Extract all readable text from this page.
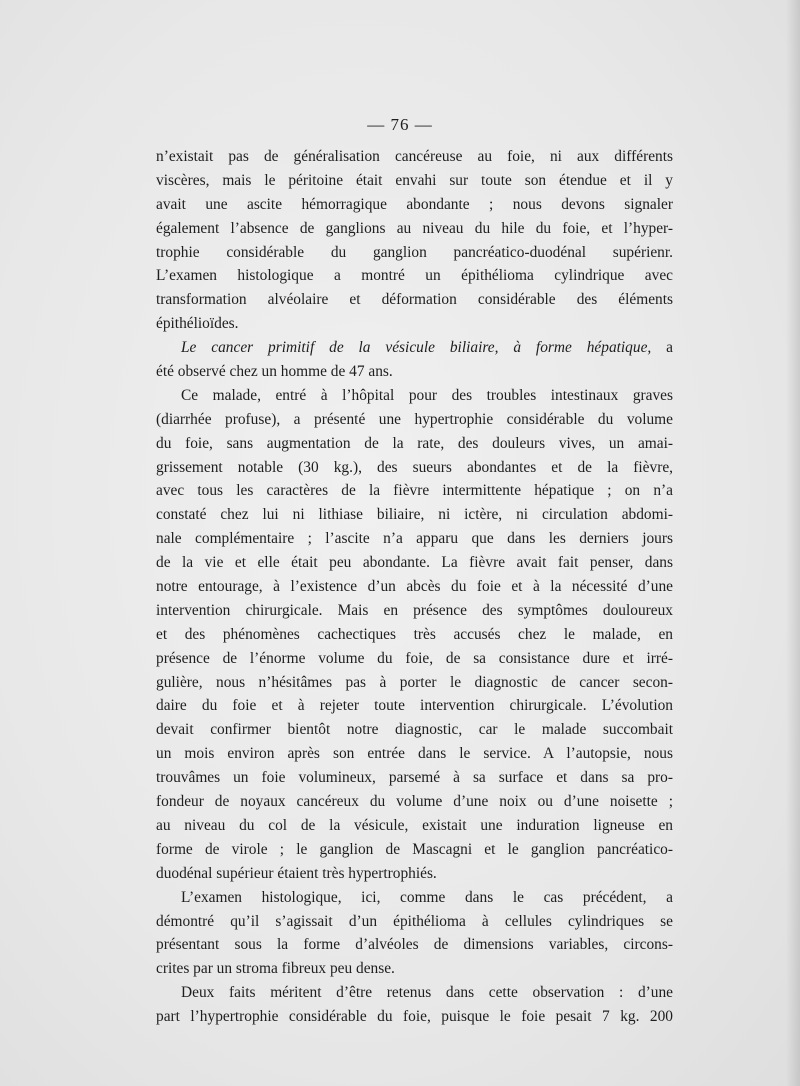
— 76 —
n’existait pas de généralisation cancéreuse au foie, ni aux différents
viscères, mais le péritoine était envahi sur toute son étendue et il y
avait une ascite hémorragique abondante ; nous devons signaler
également l’absence de ganglions au niveau du hile du foie, et l’hyper-
trophie considérable du ganglion pancréatico-duodénal supérienr.
L’examen histologique a montré un épithélioma cylindrique avec
transformation alvéolaire et déformation considérable des éléments
épithélioïdes.
Le cancer primitif de la vésicule biliaire, à forme hépatique, a
été observé chez un homme de 47 ans.
Ce malade, entré à l’hôpital pour des troubles intestinaux graves
(diarrhée profuse), a présenté une hypertrophie considérable du volume
du foie, sans augmentation de la rate, des douleurs vives, un amai-
grissement notable (30 kg.), des sueurs abondantes et de la fièvre,
avec tous les caractères de la fièvre intermittente hépatique ; on n’a
constaté chez lui ni lithiase biliaire, ni ictère, ni circulation abdomi-
nale complémentaire ; l’ascite n’a apparu que dans les derniers jours
de la vie et elle était peu abondante. La fièvre avait fait penser, dans
notre entourage, à l’existence d’un abcès du foie et à la nécessité d’une
intervention chirurgicale. Mais en présence des symptômes douloureux
et des phénomènes cachectiques très accusés chez le malade, en
présence de l’énorme volume du foie, de sa consistance dure et irré-
gulière, nous n’hésitâmes pas à porter le diagnostic de cancer secon-
daire du foie et à rejeter toute intervention chirurgicale. L’évolution
devait confirmer bientôt notre diagnostic, car le malade succombait
un mois environ après son entrée dans le service. A l’autopsie, nous
trouvâmes un foie volumineux, parsemé à sa surface et dans sa pro-
fondeur de noyaux cancéreux du volume d’une noix ou d’une noisette ;
au niveau du col de la vésicule, existait une induration ligneuse en
forme de virole ; le ganglion de Mascagni et le ganglion pancréatico-
duodénal supérieur étaient très hypertrophiés.
L’examen histologique, ici, comme dans le cas précédent, a
démontré qu’il s’agissait d’un épithélioma à cellules cylindriques se
présentant sous la forme d’alvéoles de dimensions variables, circons-
crites par un stroma fibreux peu dense.
Deux faits méritent d’être retenus dans cette observation : d’une
part l’hypertrophie considérable du foie, puisque le foie pesait 7 kg. 200
